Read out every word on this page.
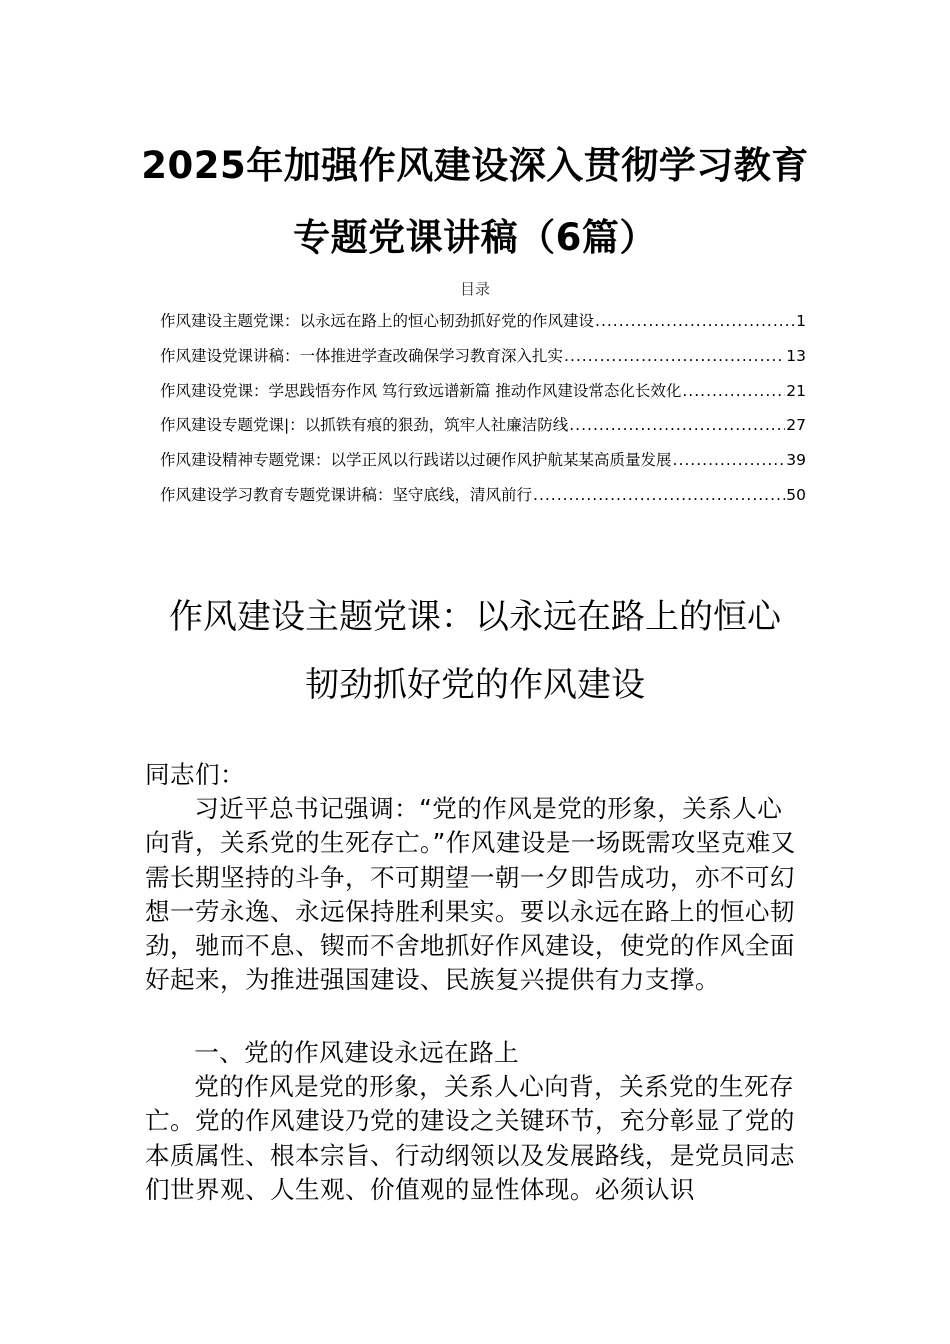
2025年加强作风建设深入贯彻学习教育
专题党课讲稿（6篇）
目录
作风建设主题党课：以永远在路上的恒心韧劲抓好党的作风建设 .....	1
作风建设党课讲稿：一体推进学查改确保学习教育深入扎实 .....	13
作风建设党课：学思践悟夯作风 笃行致远谱新篇 推动作风建设常态化长效化 .....	21
作风建设专题党课|：以抓铁有痕的狠劲，筑牢人社廉洁防线 .....	27
作风建设精神专题党课：以学正风以行践诺以过硬作风护航某某高质量发展 .....	39
作风建设学习教育专题党课讲稿：坚守底线，清风前行 .....	50
作风建设主题党课：以永远在路上的恒心
韧劲抓好党的作风建设
同志们：

习近平总书记强调：“党的作风是党的形象，关系人心向背，关系党的生死存亡。”作风建设是一场既需攻坚克难又需长期坚持的斗争，不可期望一朝一夕即告成功，亦不可幻想一劳永逸、永远保持胜利果实。要以永远在路上的恒心韧劲，驰而不息、锲而不舍地抓好作风建设，使党的作风全面好起来，为推进强国建设、民族复兴提供有力支撑。

一、党的作风建设永远在路上

党的作风是党的形象，关系人心向背，关系党的生死存亡。党的作风建设乃党的建设之关键环节，充分彰显了党的本质属性、根本宗旨、行动纲领以及发展路线，是党员同志们世界观、人生观、价值观的显性体现。必须认识
